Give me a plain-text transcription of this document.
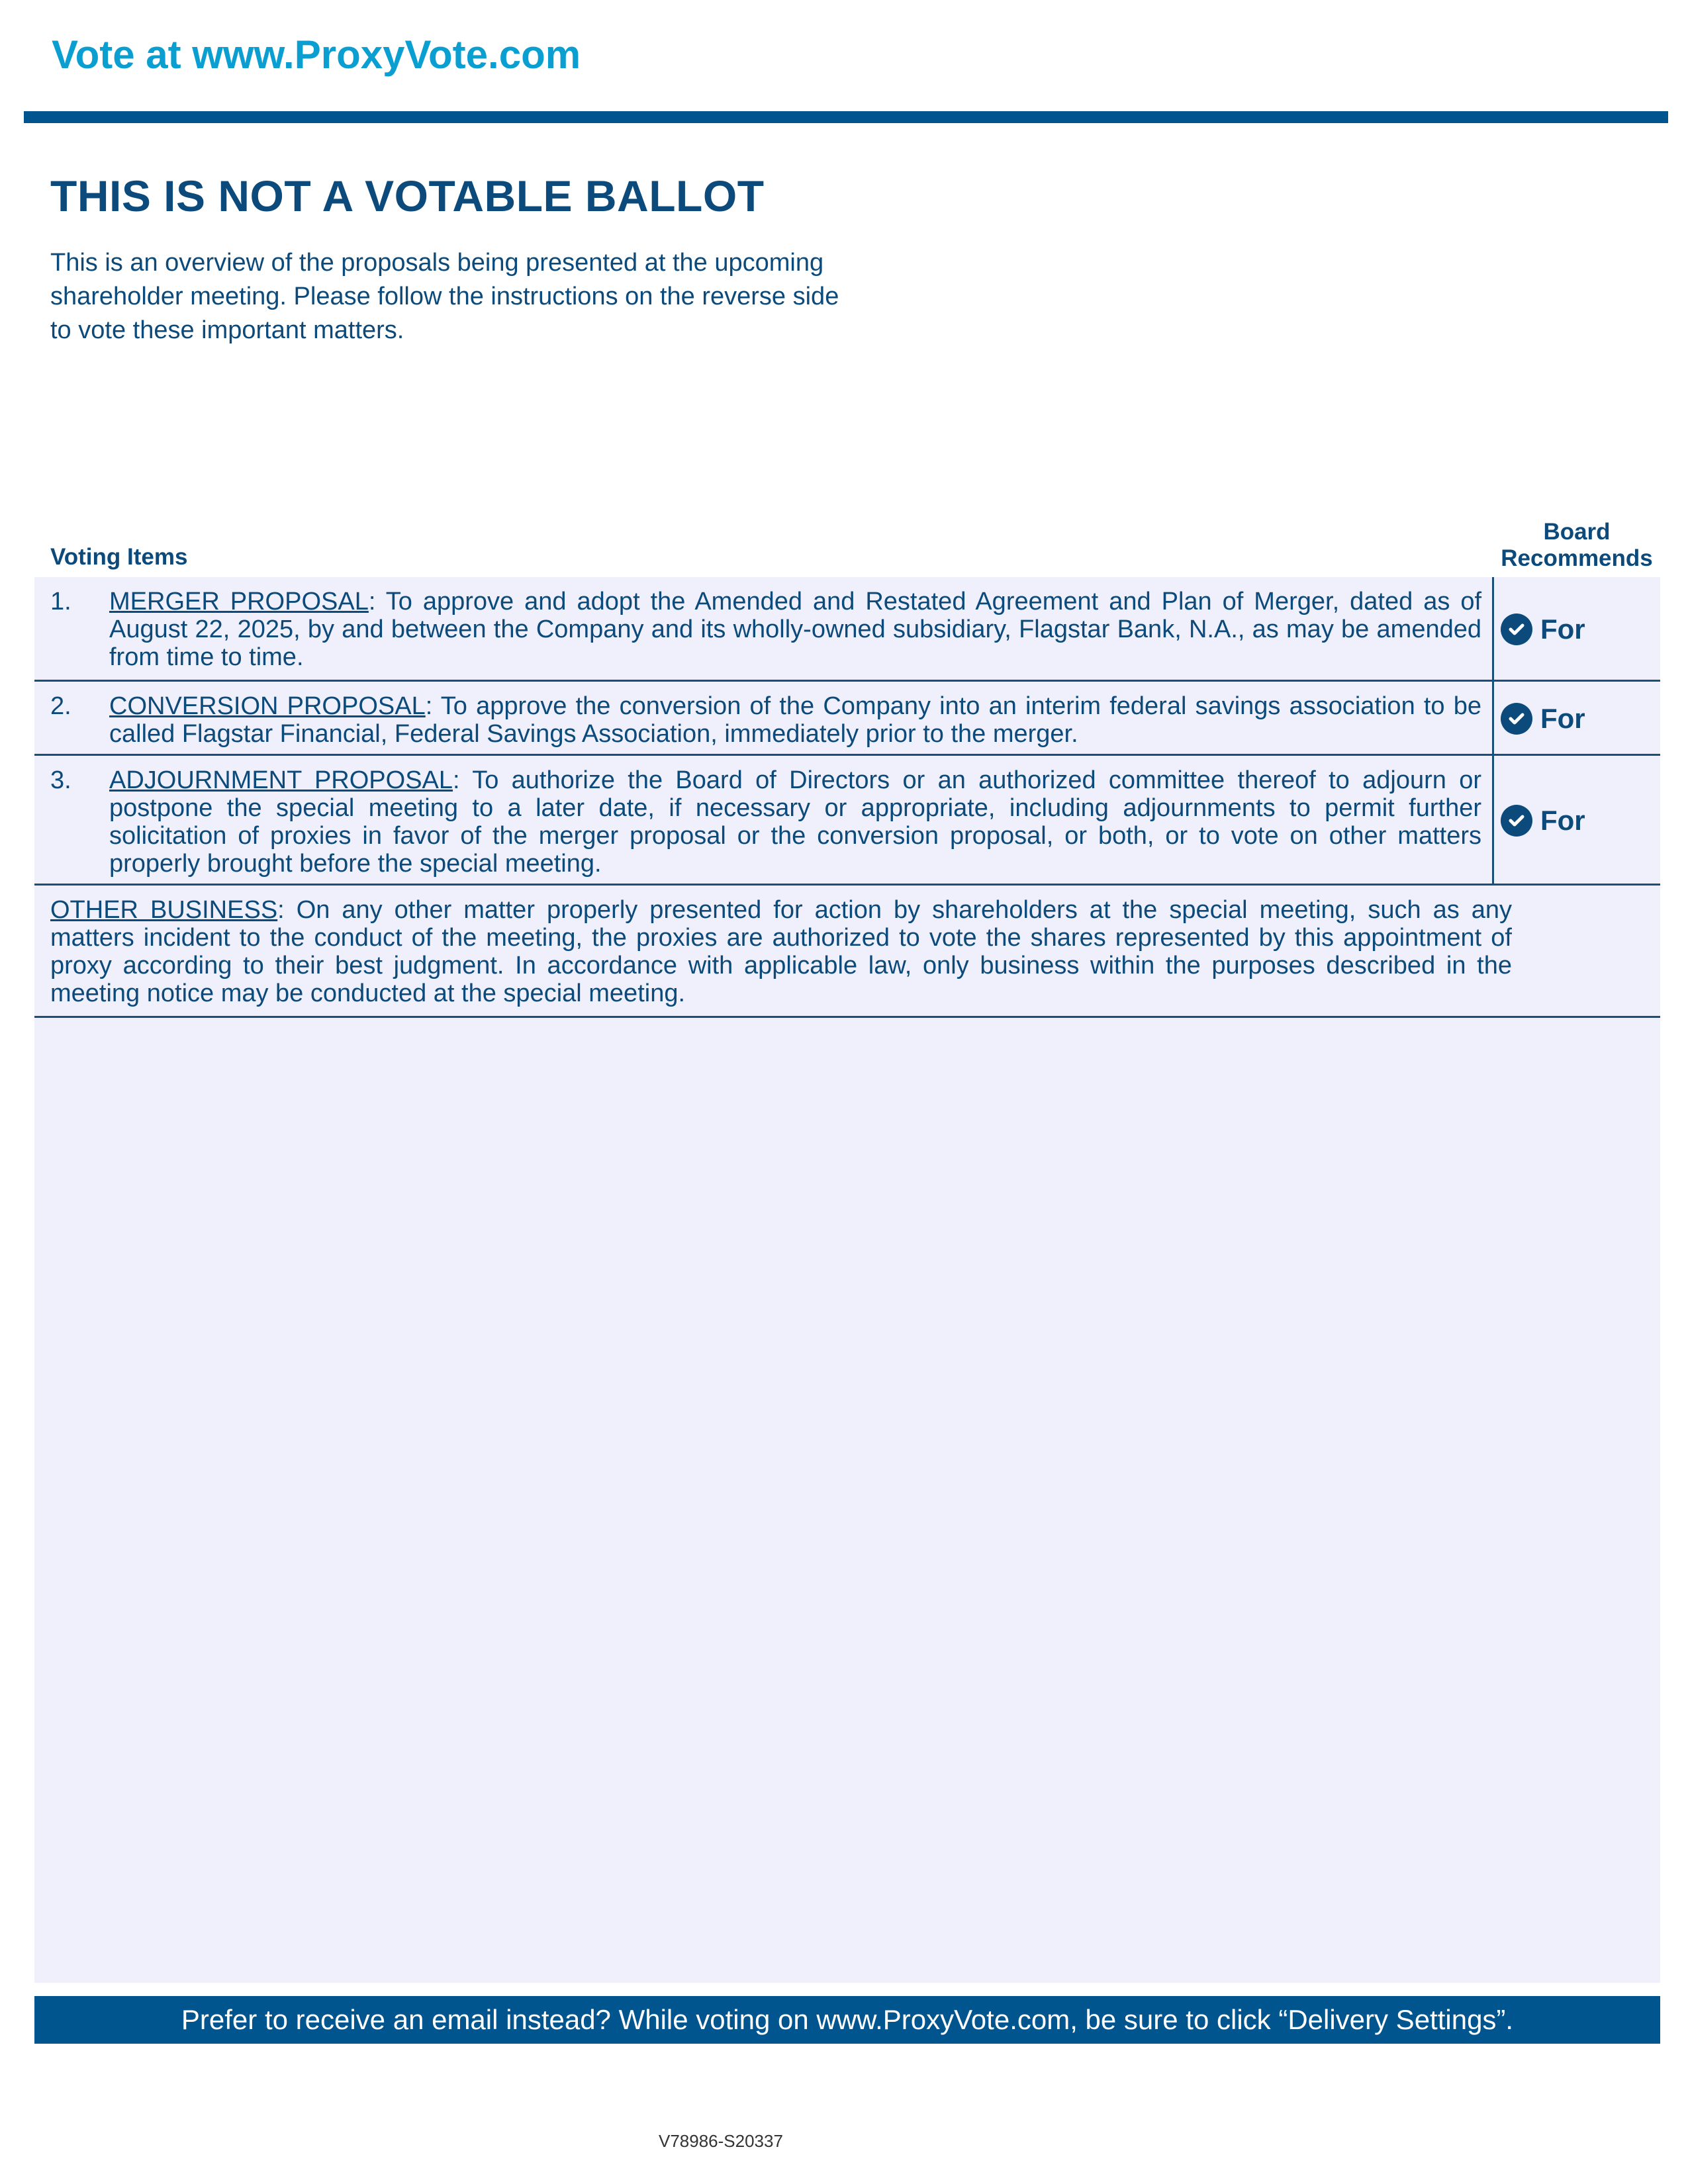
Vote at www.ProxyVote.com
THIS IS NOT A VOTABLE BALLOT

This is an overview of the proposals being presented at the upcoming shareholder meeting. Please follow the instructions on the reverse side to vote these important matters.

Voting Items
Board
Recommends
1. MERGER PROPOSAL: To approve and adopt the Amended and Restated Agreement and Plan of Merger, dated as of August 22, 2025, by and between the Company and its wholly-owned subsidiary, Flagstar Bank, N.A., as may be amended from time to time.
For
2. CONVERSION PROPOSAL: To approve the conversion of the Company into an interim federal savings association to be called Flagstar Financial, Federal Savings Association, immediately prior to the merger.	For
3. ADJOURNMENT PROPOSAL: To authorize the Board of Directors or an authorized committee thereof to adjourn or postpone the special meeting to a later date, if necessary or appropriate, including adjournments to permit further solicitation of proxies in favor of the merger proposal or the conversion proposal, or both, or to vote on other matters properly brought before the special meeting.
For
OTHER BUSINESS: On any other matter properly presented for action by shareholders at the special meeting, such as any matters incident to the conduct of the meeting, the proxies are authorized to vote the shares represented by this appointment of proxy according to their best judgment. In accordance with applicable law, only business within the purposes described in the meeting notice may be conducted at the special meeting.
Prefer to receive an email instead? While voting on www.ProxyVote.com, be sure to click “Delivery Settings”.
V78986-S20337
